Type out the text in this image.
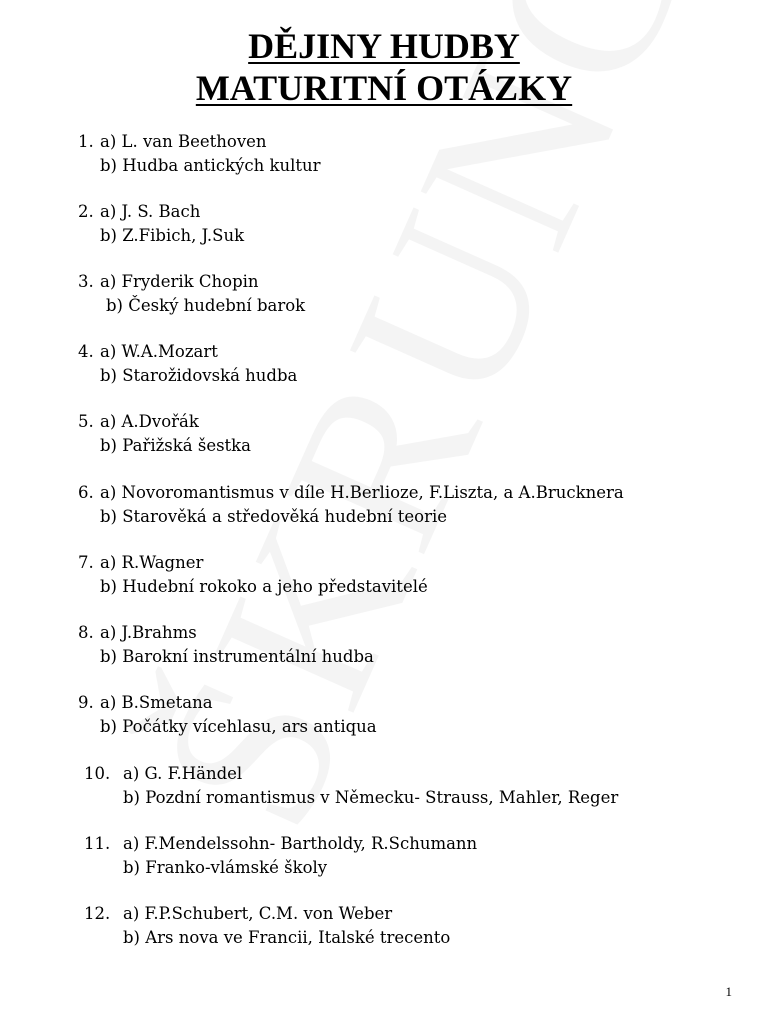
DĚJINY HUDBY
MATURITNÍ OTÁZKY
1. a) L. van Beethoven
b) Hudba antických kultur
2. a) J. S. Bach
b) Z.Fibich, J.Suk
3. a) Fryderik Chopin
b) Český hudební barok
4. a) W.A.Mozart
b) Starožidovská hudba
5. a) A.Dvořák
b) Pařižská šestka
6. a) Novoromantismus v díle H.Berlioze, F.Liszta, a A.Brucknera
b) Starověká a středověká hudební teorie
7. a) R.Wagner
b) Hudební rokoko a jeho představitelé
8. a) J.Brahms
b) Barokní instrumentální hudba
9. a) B.Smetana
b) Počátky vícehlasu, ars antiqua
10. a) G. F.Händel
b) Pozdní romantismus v Německu- Strauss, Mahler, Reger
11. a) F.Mendelssohn- Bartholdy, R.Schumann
b) Franko-vlámské školy
12. a) F.P.Schubert, C.M. von Weber
b) Ars nova ve Francii, Italské trecento
1
